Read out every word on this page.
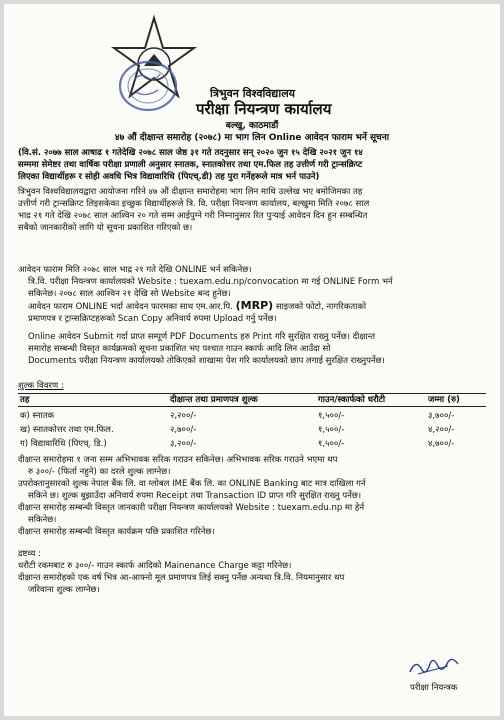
त्रिभुवन विश्वविद्यालय
परीक्षा नियन्त्रण कार्यालय
बल्खु, काठमाडौं
४७ औं दीक्षान्त समारोह (२०७८) मा भाग लिन Online आवेदन फाराम भर्ने सूचना
(वि.सं. २०७७ साल आषाढ १ गतेदेखि २०७८ साल जेष्ठ ३१ गते तदनुसार सन् २०२० जुन १५ देखि २०२१ जुन १४
सम्ममा सेमेष्टर तथा वार्षिक परीक्षा प्रणाली अनुसार स्नातक, स्नातकोत्तर तथा एम.फिल तह उत्तीर्ण गरी ट्रान्सक्रिप्ट
लिएका विद्यार्थीहरू र सोही अवधि भित्र विद्यावारिधि (पिएच्.डी) तह पुरा गर्नेहरूले मात्र भर्न पाउने)
त्रिभुवन विश्वविद्यालयद्वारा आयोजना गरिने ४७ औं दीक्षान्त समारोहमा भाग लिन माथि उल्लेख भए बमोजिमका तह
उत्तीर्ण गरी ट्रान्सक्रिप्ट लिइसकेका इच्छुक विद्यार्थीहरूले त्रि. वि. परीक्षा नियन्त्रण कार्यालय, बल्खुमा मिति २०७८ साल
भाद्र २१ गते देखि २०७८ साल आश्विन २० गते सम्म आईपुग्ने गरी निम्नानुसार रित पुऱ्याई आवेदन दिन हुन सम्बन्धित
सबैको जानकारीको लागि यो सूचना प्रकाशित गरिएको छ।
आवेदन फाराम मिति २०७८ साल भाद्र २१ गते देखि ONLINE भर्न सकिनेछ।
त्रि.वि. परीक्षा नियन्त्रण कार्यालयको Website : tuexam.edu.np/convocation मा गई ONLINE Form भर्न
सकिनेछ। २०७८ साल आश्विन २१ देखि सो Website बन्द हुनेछ।
आवेदन फाराम ONLINE भर्दा आवेदन फारमका साथ एम.आर.पि. (MRP) साइजको फोटो, नागरिकताको
प्रमाणपत्र र ट्रान्सक्रिप्टहरूको Scan Copy अनिवार्य रुपमा Upload गर्नु पर्नेछ।
Online आवेदन Submit गर्दा प्राप्त सम्पूर्ण PDF Documents हरु Print गरि सुरक्षित राख्नु पर्नेछ। दीक्षान्त
समारोह सम्बन्धी विस्तृत कार्यक्रमको सूचना प्रकाशित भए पश्चात गाउन स्कार्फ आदि लिन आउँदा सो
Documents परीक्षा नियन्त्रण कार्यालयको तोकिएको शाखामा पेश गरि कार्यालयको छाप लगाई सुरक्षित राख्नुपर्नेछ।
शुल्क विवरण :
तह	दीक्षान्त तथा प्रमाणपत्र शुल्क	गाउन/स्कार्फको धरौटी	जम्मा (रु)
क) स्नातक	२,२००/-	१,५००/-	३,७००/-
ख) स्नातकोत्तर तथा एम.फिल.	२,७००/-	१,५००/-	४,२००/-
ग) विद्यावारिधि (पिएच्. डि.)	३,२००/-	१,५००/-	४,७००/-
दीक्षान्त समारोहमा १ जना सम्म अभिभावक सरिक गराउन सकिनेछ। अभिभावक सरिक गराउने भएमा थप
रु ३००/- (फिर्ता नहुने) का दरले शुल्क लाग्नेछ।
उपरोक्तानुसारको शुल्क नेपाल बैंक लि. वा ग्लोबल IME बैंक लि. का ONLINE Banking बाट मात्र दाखिला गर्न
सकिने छ। शुल्क बुझाउँदा अनिवार्य रुपमा Receipt तथा Transaction ID प्राप्त गरि सुरक्षित राख्नु पर्नेछ।
दीक्षान्त समारोह सम्बन्धी विस्तृत जानकारी परीक्षा नियन्त्रण कार्यालयको Website : tuexam.edu.np मा हेर्न
सकिनेछ।
दीक्षान्त समारोह सम्बन्धी विस्तृत कार्यक्रम पछि प्रकाशित गरिनेछ।
द्रष्टव्य :
धरौटी रकमबाट रु ३००/- गाउन स्कार्फ आदिको Mainenance Charge कट्टा गरिनेछ।
दीक्षान्त समारोहको एक वर्ष भित्र आ-आफ्नो मूल प्रमाणपत्र लिई सक्नु पर्नेछ अन्यथा त्रि.वि. नियमानुसार थप
जरिवाना शुल्क लाग्नेछ।
परीक्षा नियन्त्रक
